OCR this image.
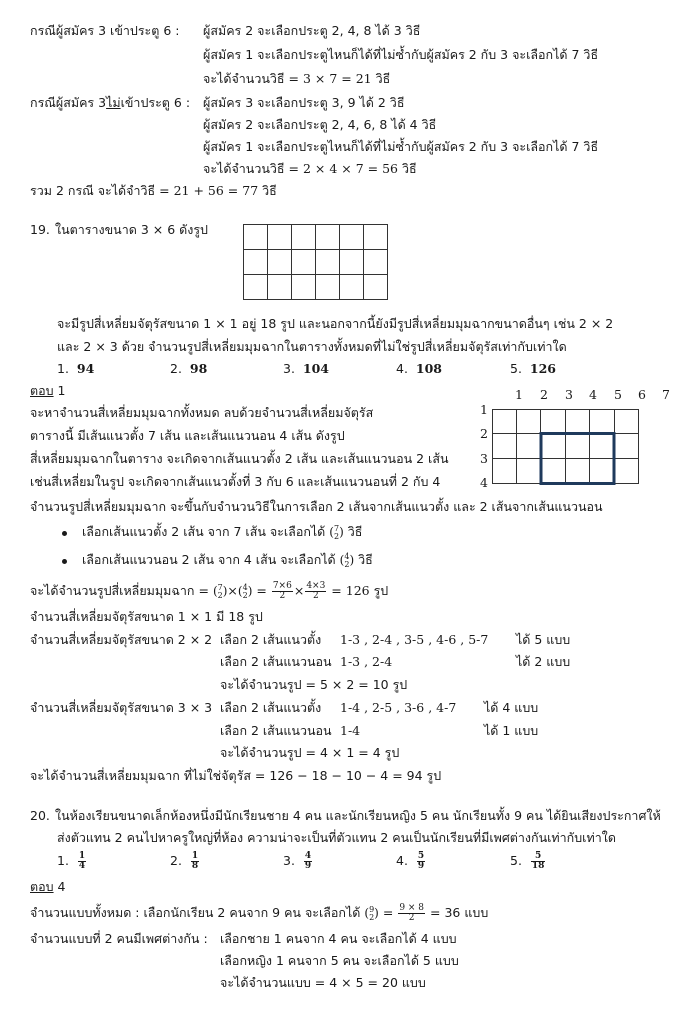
กรณีผู้สมัคร 3 เข้าประตู 6 : ผู้สมัคร 2 จะเลือกประตู 2, 4, 8 ได้ 3 วิธี
ผู้สมัคร 1 จะเลือกประตูไหนก็ได้ที่ไม่ซ้ำกับผู้สมัคร 2 กับ 3 จะเลือกได้ 7 วิธี
จะได้จำนวนวิธี = 3 × 7 = 21 วิธี
กรณีผู้สมัคร 3ไม่เข้าประตู 6 : ผู้สมัคร 3 จะเลือกประตู 3, 9 ได้ 2 วิธี
ผู้สมัคร 2 จะเลือกประตู 2, 4, 6, 8 ได้ 4 วิธี
ผู้สมัคร 1 จะเลือกประตูไหนก็ได้ที่ไม่ซ้ำกับผู้สมัคร 2 กับ 3 จะเลือกได้ 7 วิธี
จะได้จำนวนวิธี = 2 × 4 × 7 = 56 วิธี
รวม 2 กรณี จะได้จำวิธี = 21 + 56 = 77 วิธี
19. ในตารางขนาด 3 × 6 ดังรูป
จะมีรูปสี่เหลี่ยมจัตุรัสขนาด 1 × 1 อยู่ 18 รูป และนอกจากนี้ยังมีรูปสี่เหลี่ยมมุมฉากขนาดอื่นๆ เช่น 2 × 2
และ 2 × 3 ด้วย จำนวนรูปสี่เหลี่ยมมุมฉากในตารางทั้งหมดที่ไม่ใช่รูปสี่เหลี่ยมจัตุรัสเท่ากับเท่าใด
1. 94	2. 98	3. 104	4. 108	5. 126
ตอบ 1
จะหาจำนวนสี่เหลี่ยมมุมฉากทั้งหมด ลบด้วยจำนวนสี่เหลี่ยมจัตุรัส
ตารางนี้ มีเส้นแนวตั้ง 7 เส้น และเส้นแนวนอน 4 เส้น ดังรูป
สี่เหลี่ยมมุมฉากในตาราง จะเกิดจากเส้นแนวตั้ง 2 เส้น และเส้นแนวนอน 2 เส้น
เช่นสี่เหลี่ยมในรูป จะเกิดจากเส้นแนวตั้งที่ 3 กับ 6 และเส้นแนวนอนที่ 2 กับ 4
1 2 3 4 5 6 7
1
2
3
4
จำนวนรูปสี่เหลี่ยมมุมฉาก จะขึ้นกับจำนวนวิธีในการเลือก 2 เส้นจากเส้นแนวตั้ง และ 2 เส้นจากเส้นแนวนอน
เลือกเส้นแนวตั้ง 2 เส้น จาก 7 เส้น จะเลือกได้ ( 7
2 ) วิธี
เลือกเส้นแนวนอน 2 เส้น จาก 4 เส้น จะเลือกได้ ( 4
2 ) วิธี
จะได้จำนวนรูปสี่เหลี่ยมมุมฉาก = ( 7
2 )×( 4
2 ) = $\frac{7\times 6}{2} \times \frac{4\times 3}{2} = 126$ รูป
จำนวนสี่เหลี่ยมจัตุรัสขนาด 1 × 1 มี 18 รูป
จำนวนสี่เหลี่ยมจัตุรัสขนาด 2 × 2 เลือก 2 เส้นแนวตั้ง 1-3 , 2-4 , 3-5 , 4-6 , 5-7 ได้ 5 แบบ
เลือก 2 เส้นแนวนอน 1-3 , 2-4	ได้ 2 แบบ
จะได้จำนวนรูป = 5 × 2 = 10 รูป
จำนวนสี่เหลี่ยมจัตุรัสขนาด 3 × 3 เลือก 2 เส้นแนวตั้ง 1-4 , 2-5 , 3-6 , 4-7 ได้ 4 แบบ
เลือก 2 เส้นแนวนอน 1-4	ได้ 1 แบบ
จะได้จำนวนรูป = 4 × 1 = 4 รูป
จะได้จำนวนสี่เหลี่ยมมุมฉาก ที่ไม่ใช่จัตุรัส = 126 − 18 − 10 − 4 = 94 รูป
20. ในห้องเรียนขนาดเล็กห้องหนึ่งมีนักเรียนชาย 4 คน และนักเรียนหญิง 5 คน นักเรียนทั้ง 9 คน ได้ยินเสียงประกาศให้
ส่งตัวแทน 2 คนไปหาครูใหญ่ที่ห้อง ความน่าจะเป็นที่ตัวแทน 2 คนเป็นนักเรียนที่มีเพศต่างกันเท่ากับเท่าใด
1. $\frac{1}{4}$	2. $\frac{1}{8}$	3. $\frac{4}{9}$	4. $\frac{5}{9}$	5. $\frac{5}{18}$
ตอบ 4
จำนวนแบบทั้งหมด : เลือกนักเรียน 2 คนจาก 9 คน จะเลือกได้ ( 9
2 ) = $\frac{9 \times 8}{2} = 36$ แบบ
จำนวนแบบที่ 2 คนมีเพศต่างกัน : เลือกชาย 1 คนจาก 4 คน จะเลือกได้ 4 แบบ
เลือกหญิง 1 คนจาก 5 คน จะเลือกได้ 5 แบบ
จะได้จำนวนแบบ = 4 × 5 = 20 แบบ
